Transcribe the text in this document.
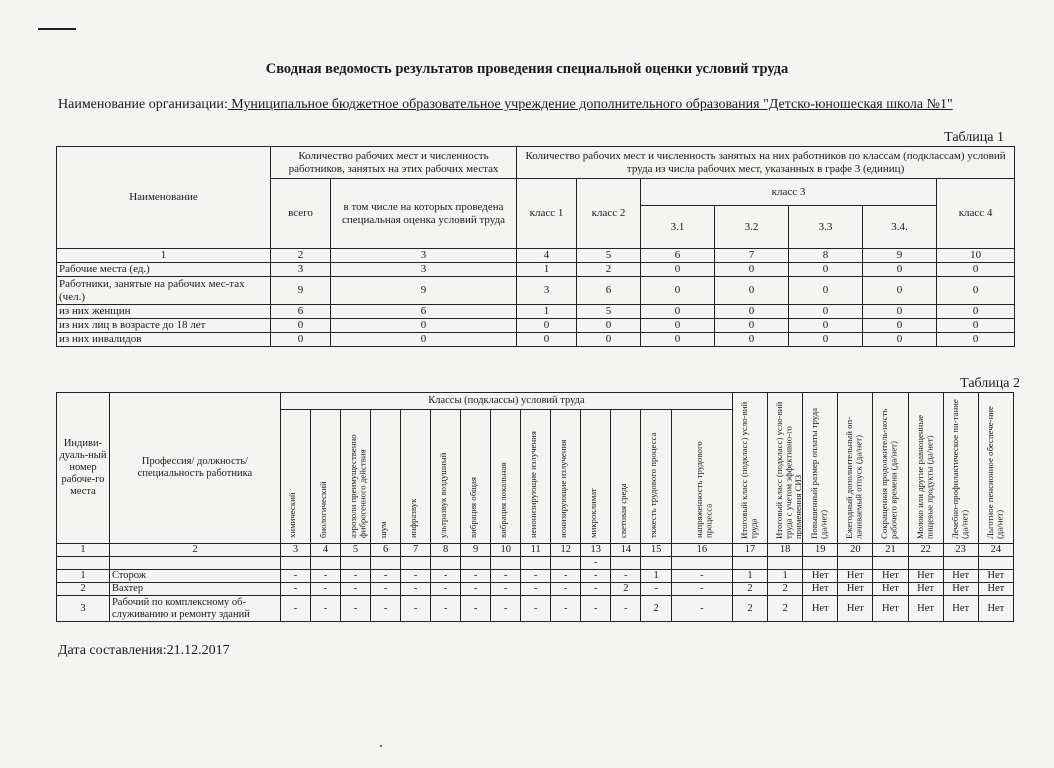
Сводная ведомость результатов проведения специальной оценки условий труда
Наименование организации: Муниципальное бюджетное образовательное учреждение дополнительного образования "Детско-юношеская школа №1"
Таблица 1
Наименование	Количество рабочих мест и численность работников, занятых на этих рабочих местах		Количество рабочих мест и численность занятых на них работников по классам (подклассам) условий труда из числа рабочих мест, указанных в графе 3 (единиц)						
	всего	в том числе на которых проведена специальная оценка условий труда	класс 1	класс 2	класс 3				класс 4
					3.1	3.2	3.3	3.4.	
1	2	3	4	5	6	7	8	9	10
Рабочие места (ед.)	3	3	1	2	0	0	0	0	0
Работники, занятые на рабочих мес-тах (чел.)	9	9	3	6	0	0	0	0	0
из них женщин	6	6	1	5	0	0	0	0	0
из них лиц в возрасте до 18 лет	0	0	0	0	0	0	0	0	0
из них инвалидов	0	0	0	0	0	0	0	0	0
Таблица 2
Индиви-дуаль-ный номер рабоче-го места	Профессия/ должность/ специальность работника	Классы (подклассы) условий труда														Итоговый класс (подкласс) усло-вий труда	Итоговый класс (подкласс) усло-вий труда с учетом эффективно-го применения СИЗ	Повышенный размер оплаты труда (да/нет)	Ежегодный дополнительный оп-лачиваемый отпуск (да/нет)	Сокращенная продолжитель-ность рабочего времени (да/нет)	Молоко или другие равноценные пищевые продукты (да/нет)	Лечебно-профилактическое пи-тание (да/нет)	Льготное пенсионное обеспече-ние (да/нет)

		химический	биологический	аэрозоли преимущественно фиброгенного действия	шум	инфразвук	ультразвук воздушный	вибрация общая	вибрация локальная	неионизирующие излучения	ионизирующие излучения	микроклимат	световая среда	тяжесть трудового процесса	напряженность трудового процесса								

1	2	3	4	5	6	7	8	9	10	11	12	13	14	15	16	17	18	19	20	21	22	23	24
												-											
1	Сторож	-	-	-	-	-	-	-	-	-	-	-	-	1	-	1	1	Нет	Нет	Нет	Нет	Нет	Нет
2	Вахтер	-	-	-	-	-	-	-	-	-	-	-	2	-	-	2	2	Нет	Нет	Нет	Нет	Нет	Нет
3	Рабочий по комплексному об-служиванию и ремонту зданий	-	-	-	-	-	-	-	-	-	-	-	-	2	-	2	2	Нет	Нет	Нет	Нет	Нет	Нет
Дата составления:21.12.2017
